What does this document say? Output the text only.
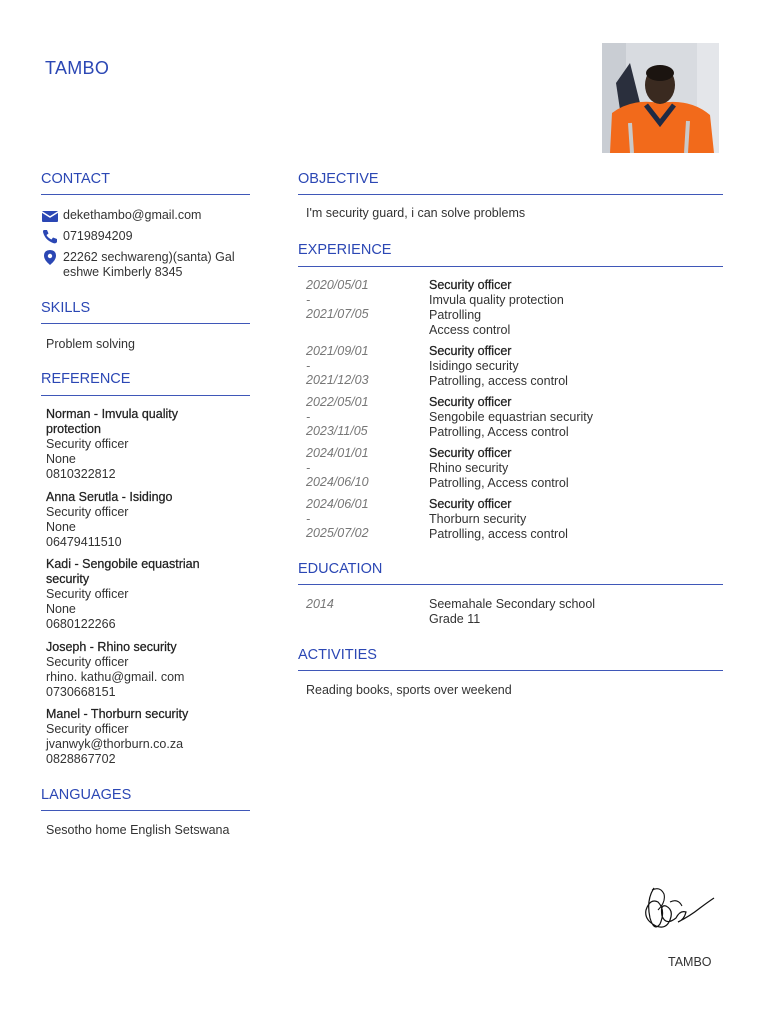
TAMBO
CONTACT
dekethambo@gmail.com
0719894209
22262 sechwareng)(santa) Gal
eshwe Kimberly 8345
SKILLS
Problem solving
REFERENCE
Norman - Imvula quality
protection
Security officer
None
0810322812
Anna Serutla - Isidingo
Security officer
None
06479411510
Kadi - Sengobile equastrian
security
Security officer
None
0680122266
Joseph - Rhino security
Security officer
rhino. kathu@gmail. com
0730668151
Manel - Thorburn security
Security officer
jvanwyk@thorburn.co.za
0828867702
LANGUAGES
Sesotho home English Setswana
OBJECTIVE
I'm security guard, i can solve problems
EXPERIENCE
2020/05/01
-
2021/07/05
Security officer
Imvula quality protection
Patrolling
Access control
2021/09/01
-
2021/12/03
Security officer
Isidingo security
Patrolling, access control
2022/05/01
-
2023/11/05
Security officer
Sengobile equastrian security
Patrolling, Access control
2024/01/01
-
2024/06/10
Security officer
Rhino security
Patrolling, Access control
2024/06/01
-
2025/07/02
Security officer
Thorburn security
Patrolling, access control
EDUCATION
2014	Seemahale Secondary school
Grade 11
ACTIVITIES
Reading books, sports over weekend
TAMBO
